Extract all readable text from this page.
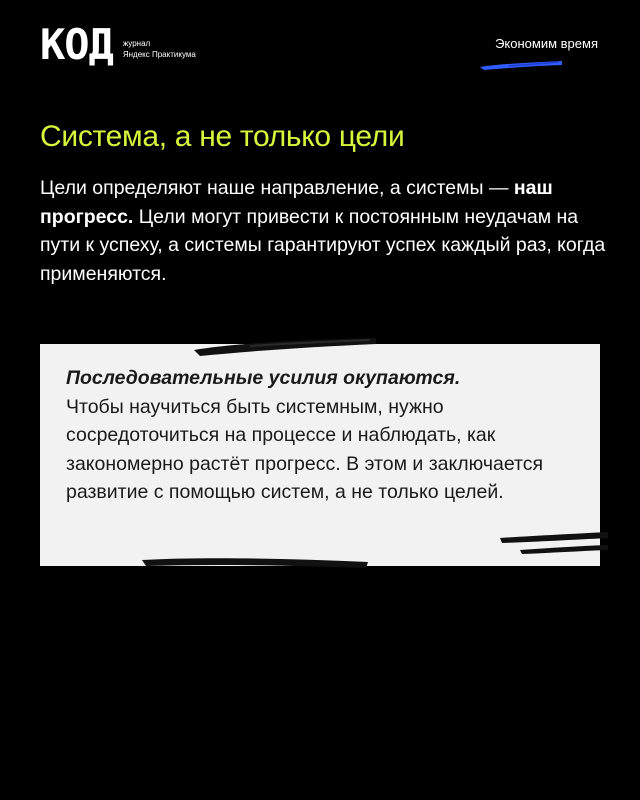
КОД журнал
Яндекс Практикума
Экономим время
Система, а не только цели

Цели определяют наше направление, а системы — наш прогресс. Цели могут привести к постоянным неудачам на пути к успеху, а системы гарантируют успех каждый раз, когда применяются.

Последовательные усилия окупаются.
Чтобы научиться быть системным, нужно сосредоточиться на процессе и наблюдать, как закономерно растёт прогресс. В этом и заключается развитие с помощью систем, а не только целей.
